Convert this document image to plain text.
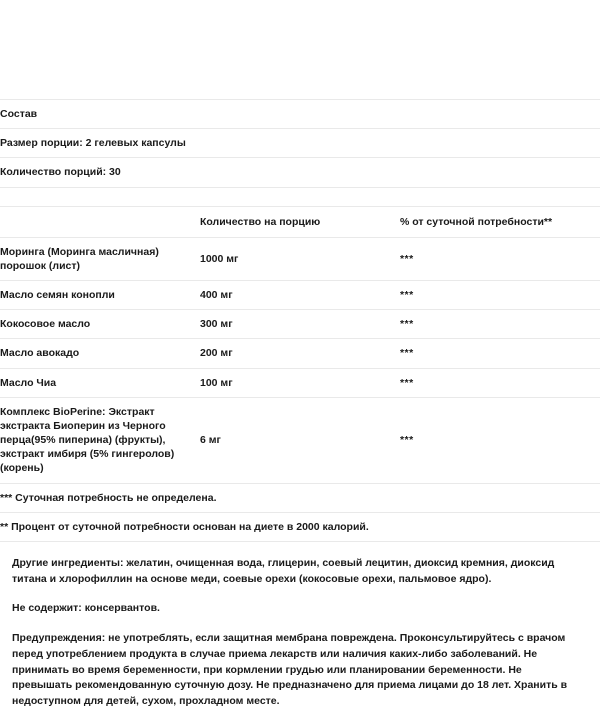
Состав		
Размер порции: 2 гелевых капсулы		
Количество порций: 30		

	Количество на порцию	% от суточной потребности**
Моринга (Моринга масличная) порошок (лист)	1000 мг	***
Масло семян конопли	400 мг	***
Кокосовое масло	300 мг	***
Масло авокадо	200 мг	***
Масло Чиа	100 мг	***
Комплекс BioPerine: Экстракт экстракта Биоперин из Черного перца(95% пиперина) (фрукты), экстракт имбиря (5% гингеролов) (корень)	6 мг	***
*** Суточная потребность не определена.		
** Процент от суточной потребности основан на диете в 2000 калорий.		

Другие ингредиенты: желатин, очищенная вода, глицерин, соевый лецитин, диоксид кремния, диоксид титана и хлорофиллин на основе меди, соевые орехи (кокосовые орехи, пальмовое ядро).

Не содержит: консервантов.

Предупреждения: не употреблять, если защитная мембрана повреждена. Проконсультируйтесь с врачом перед употреблением продукта в случае приема лекарств или наличия каких-либо заболеваний. Не принимать во время беременности, при кормлении грудью или планировании беременности. Не превышать рекомендованную суточную дозу. Не предназначено для приема лицами до 18 лет. Хранить в недоступном для детей, сухом, прохладном месте.
